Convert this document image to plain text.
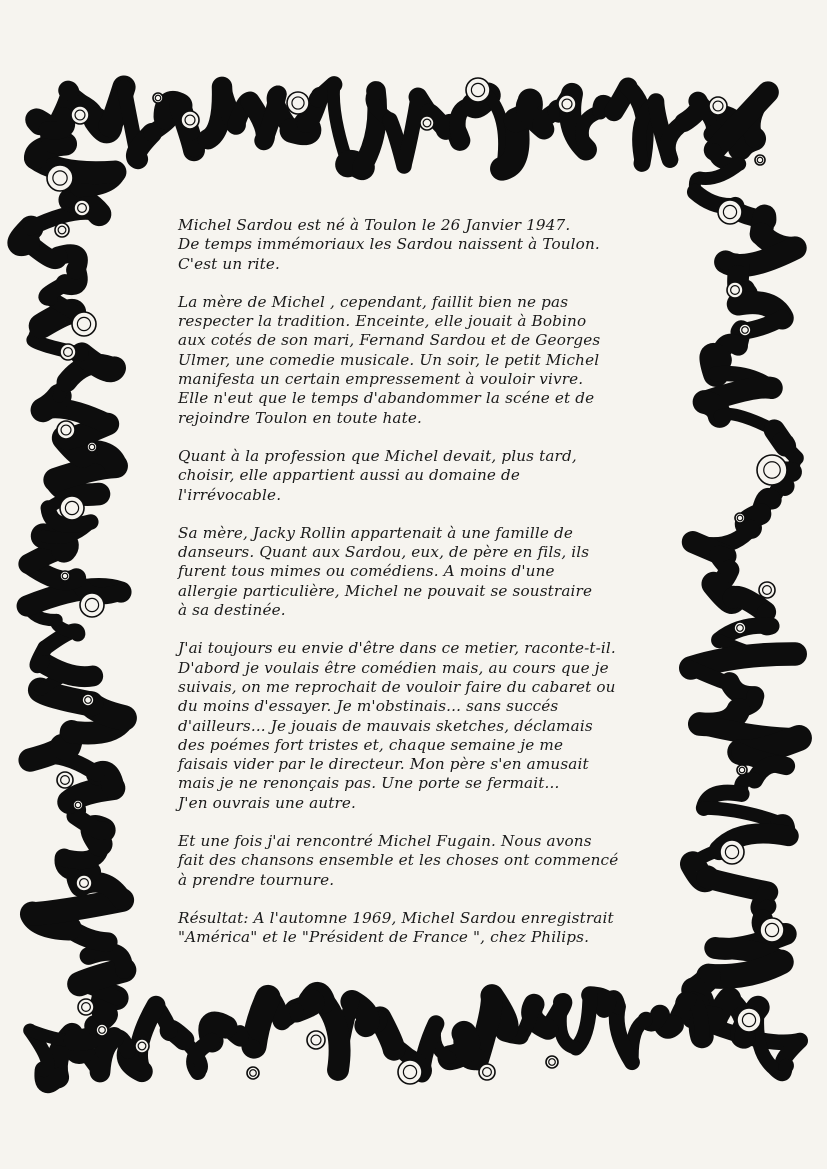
Michel Sardou est né à Toulon le 26 Janvier 1947.
De temps immémoriaux les Sardou naissent à Toulon.
C'est un rite.
La mère de Michel , cependant, faillit bien ne pas
respecter la tradition. Enceinte, elle jouait à Bobino
aux cotés de son mari, Fernand Sardou et de Georges
Ulmer, une comedie musicale. Un soir, le petit Michel
manifesta un certain empressement à vouloir vivre.
Elle n'eut que le temps d'abandommer la scéne et de
rejoindre Toulon en toute hate.
Quant à la profession que Michel devait, plus tard,
choisir, elle appartient aussi au domaine de
l'irrévocable.
Sa mère, Jacky Rollin appartenait à une famille de
danseurs. Quant aux Sardou, eux, de père en fils, ils
furent tous mimes ou comédiens. A moins d'une
allergie particulière, Michel ne pouvait se soustraire
à sa destinée.
J'ai toujours eu envie d'être dans ce metier, raconte-t-il.
D'abord je voulais être comédien mais, au cours que je
suivais, on me reprochait de vouloir faire du cabaret ou
du moins d'essayer. Je m'obstinais... sans succés
d'ailleurs... Je jouais de mauvais sketches, déclamais
des poémes fort tristes et, chaque semaine je me
faisais vider par le directeur. Mon père s'en amusait
mais je ne renonçais pas. Une porte se fermait...
J'en ouvrais une autre.
Et une fois j'ai rencontré Michel Fugain. Nous avons
fait des chansons ensemble et les choses ont commencé
à prendre tournure.
Résultat: A l'automne 1969, Michel Sardou enregistrait
"América" et le "Président de France ", chez Philips.
